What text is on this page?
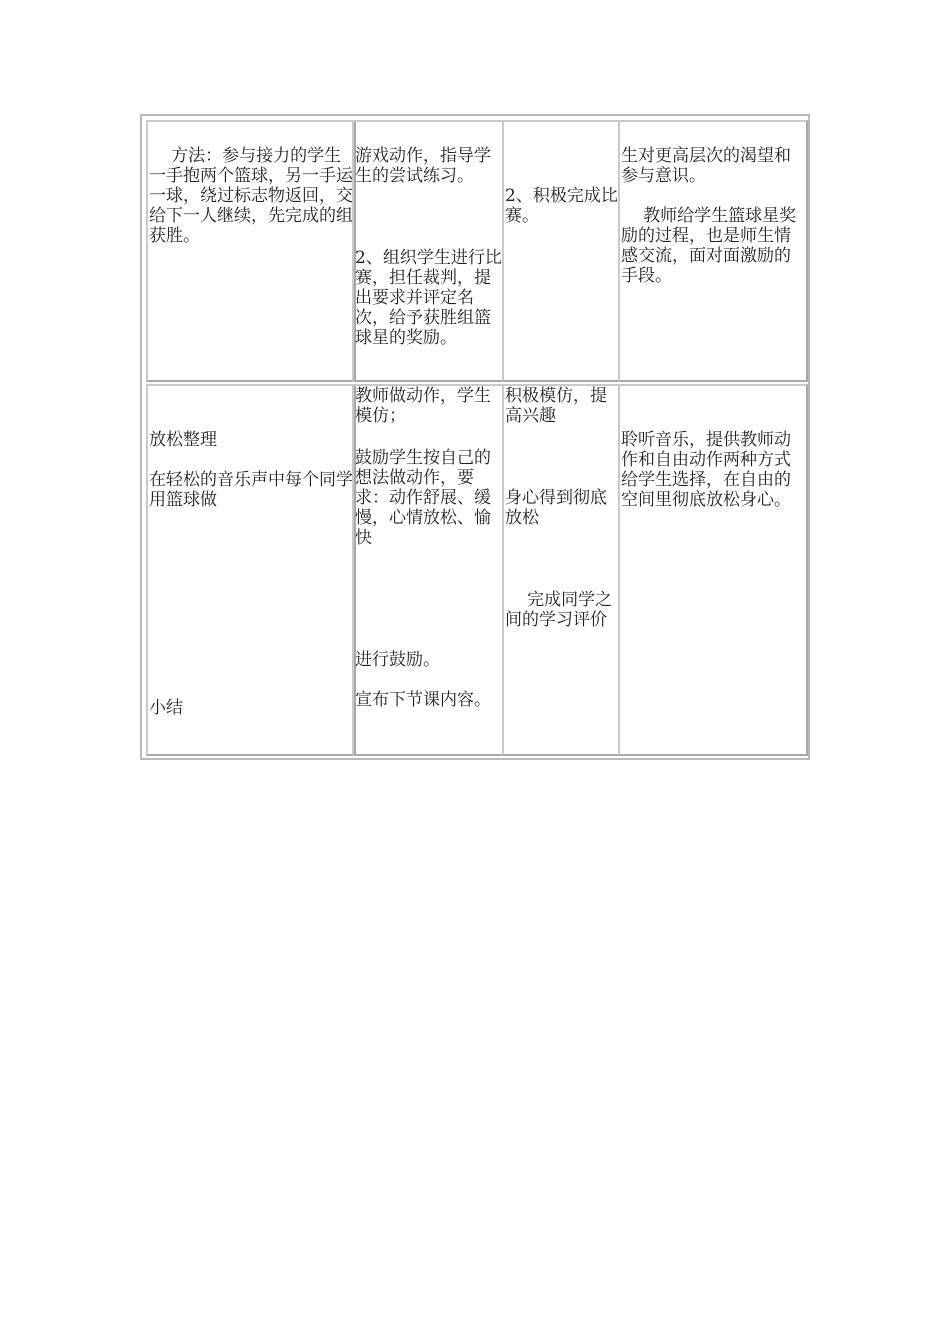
方法：参与接力的学生一手抱两个篮球，另一手运一球，绕过标志物返回，交给下一人继续，先完成的组获胜。

游戏动作，指导学生的尝试练习。

2、组织学生进行比赛，担任裁判，提出要求并评定名次，给予获胜组篮球星的奖励。

2、积极完成比赛。

生对更高层次的渴望和参与意识。

教师给学生篮球星奖励的过程，也是师生情感交流，面对面激励的手段。

放松整理

在轻松的音乐声中每个同学用篮球做

小结

教师做动作，学生模仿；

鼓励学生按自己的想法做动作，要求：动作舒展、缓慢，心情放松、愉快

进行鼓励。

宣布下节课内容。

积极模仿，提高兴趣

身心得到彻底放松

完成同学之间的学习评价

聆听音乐，提供教师动作和自由动作两种方式给学生选择，在自由的空间里彻底放松身心。
